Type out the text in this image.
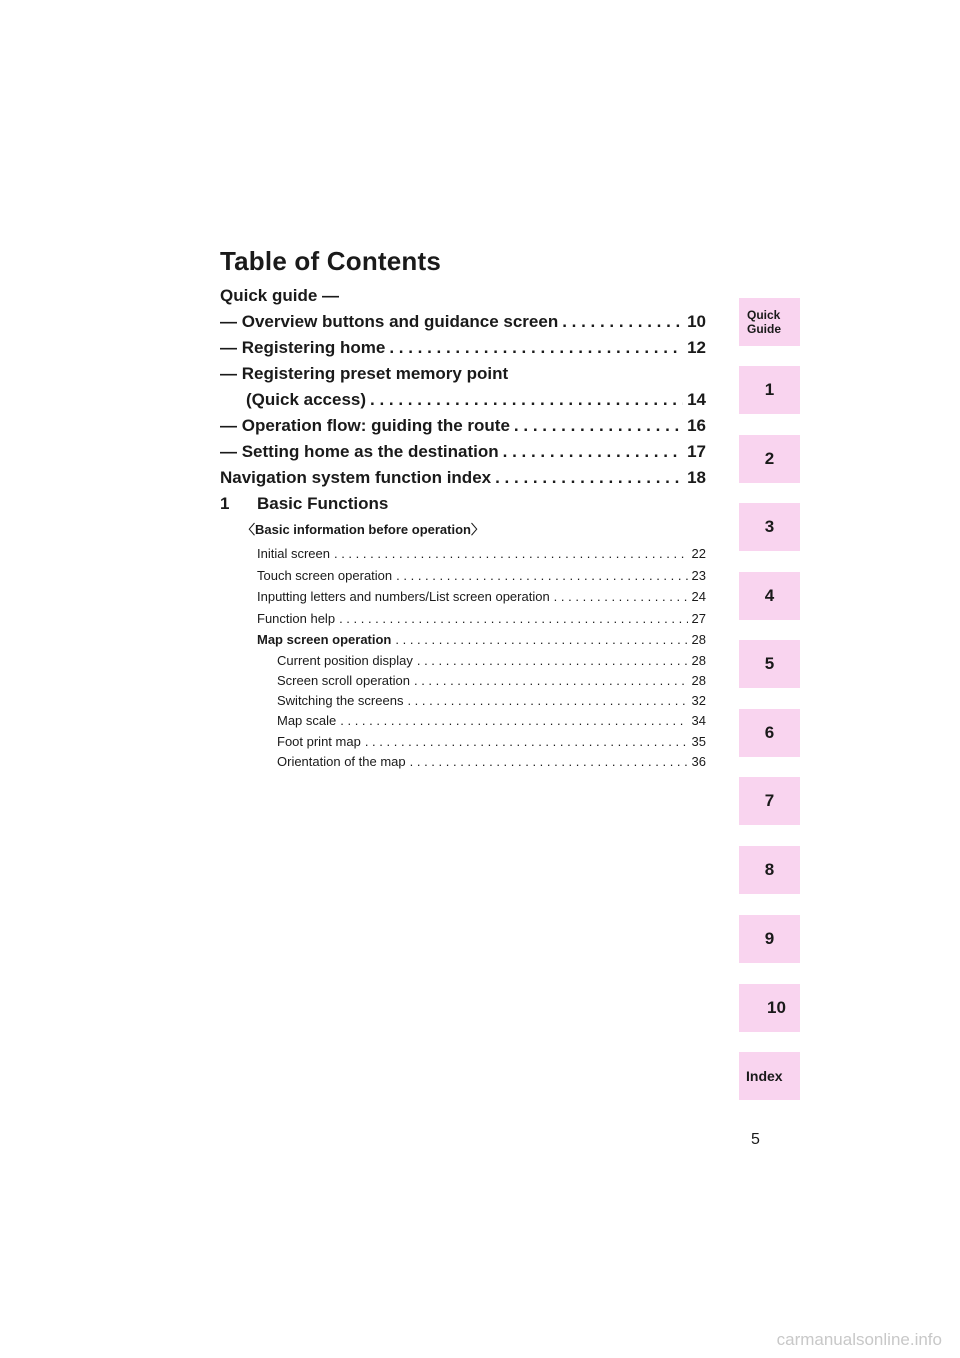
Table of Contents
Quick guide —
— Overview buttons and guidance screen . . .	10
— Registering home . . .	12
— Registering preset memory point
(Quick access) . . .	14
— Operation flow: guiding the route . . .	16
— Setting home as the destination . . .	17
Navigation system function index . . .	18
1	Basic Functions
〈Basic information before operation〉
Initial screen . . .	22
Touch screen operation . . .	23
Inputting letters and numbers/List screen operation . . .	24
Function help . . .	27
Map screen operation . . .	28
Current position display . . .	28
Screen scroll operation . . .	28
Switching the screens . . .	32
Map scale . . .	34
Foot print map . . .	35
Orientation of the map . . .	36
Quick
Guide
1
2
3
4
5
6
7
8
9
10
Index
5
carmanualsonline.info
